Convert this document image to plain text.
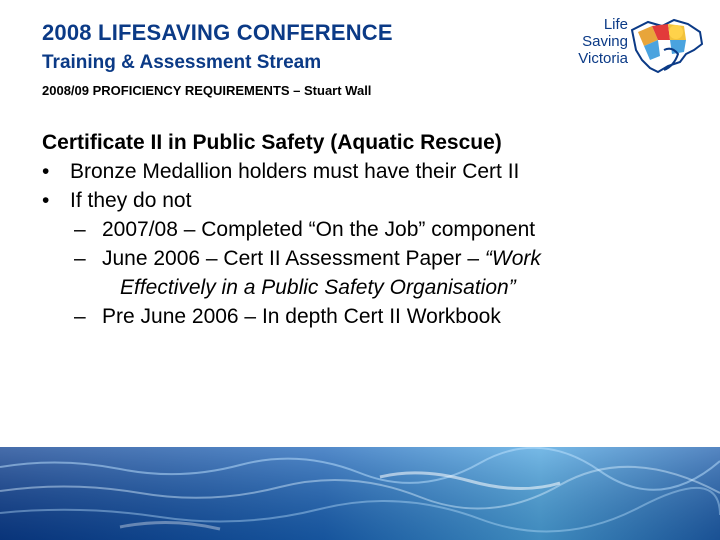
2008 LIFESAVING CONFERENCE
Training & Assessment Stream
2008/09 PROFICIENCY REQUIREMENTS – Stuart Wall
Life
Saving
Victoria
Certificate II in Public Safety (Aquatic Rescue)
• Bronze Medallion holders must have their Cert II
• If they do not
– 2007/08 – Completed “On the Job” component
– June 2006 – Cert II Assessment Paper – “Work
Effectively in a Public Safety Organisation”
– Pre June 2006 – In depth Cert II Workbook
